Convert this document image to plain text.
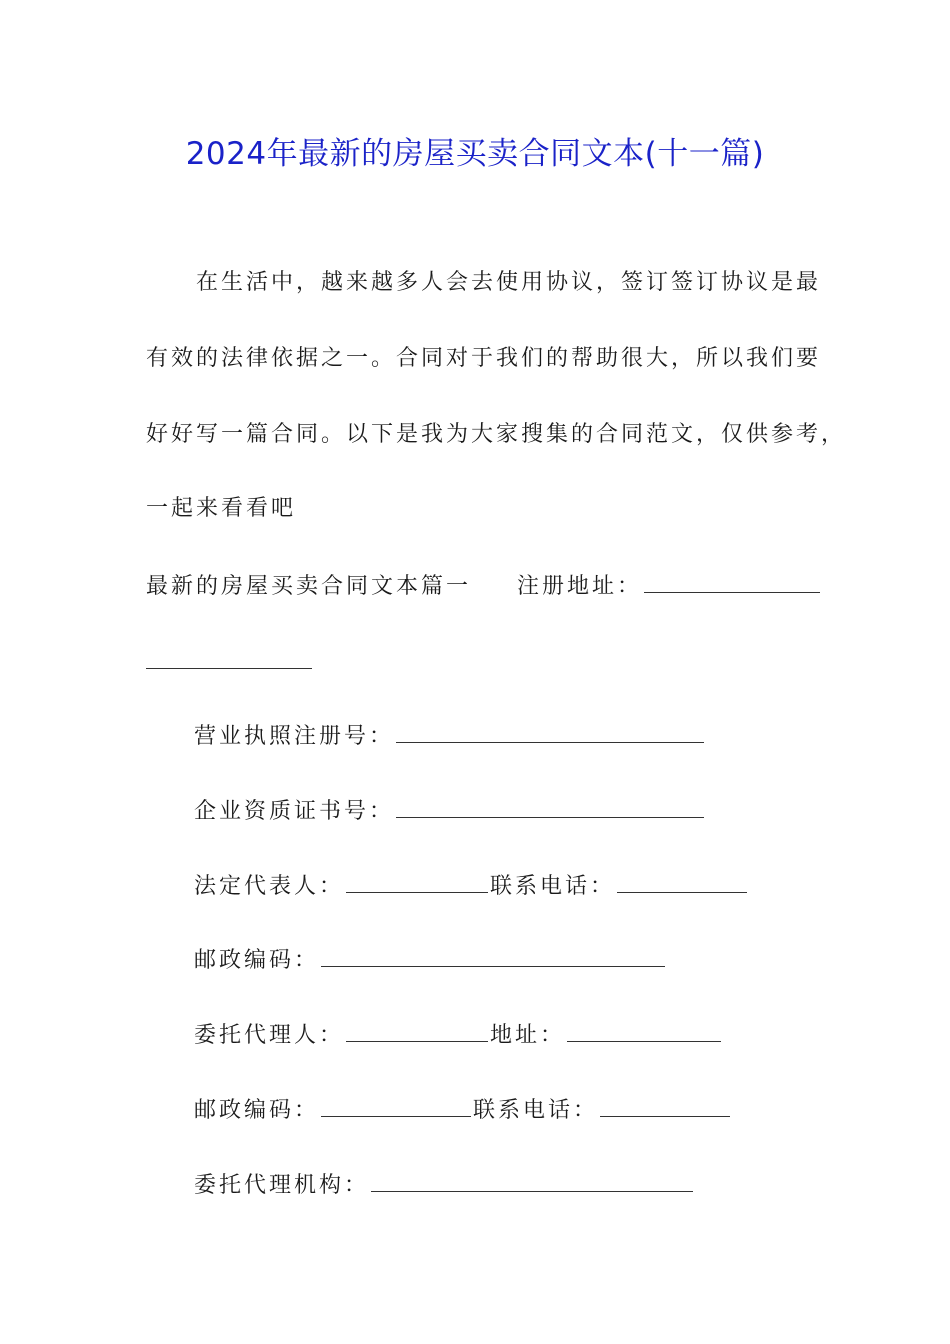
2024年最新的房屋买卖合同文本(十一篇)
在生活中，越来越多人会去使用协议，签订签订协议是最
有效的法律依据之一。合同对于我们的帮助很大，所以我们要
好好写一篇合同。以下是我为大家搜集的合同范文，仅供参考，
一起来看看吧
最新的房屋买卖合同文本篇一 注册地址：
营业执照注册号：
企业资质证书号：
法定代表人：	联系电话：
邮政编码：
委托代理人：	地址：
邮政编码：	联系电话：
委托代理机构：
